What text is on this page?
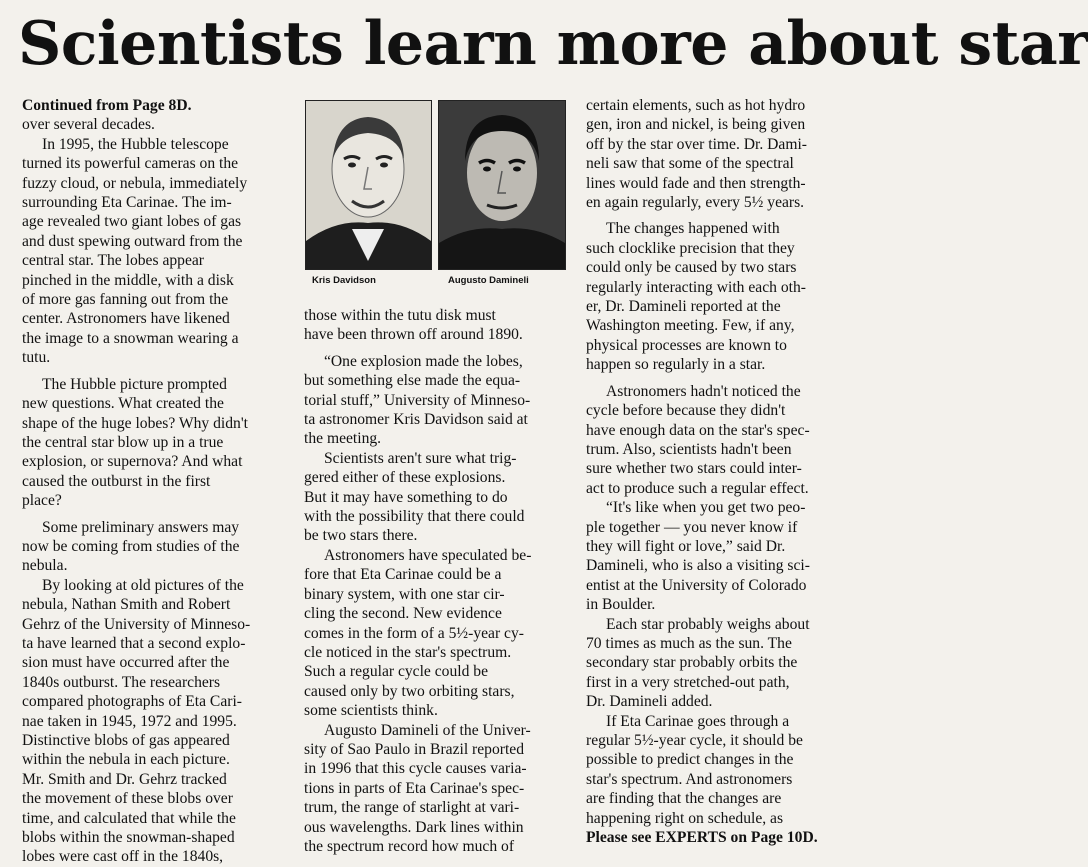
Scientists learn more about star
Kris Davidson	Augusto Damineli

Continued from Page 8D.

over several decades.

In 1995, the Hubble telescope
turned its powerful cameras on the
fuzzy cloud, or nebula, immediately
surrounding Eta Carinae. The im-
age revealed two giant lobes of gas
and dust spewing outward from the
central star. The lobes appear
pinched in the middle, with a disk
of more gas fanning out from the
center. Astronomers have likened
the image to a snowman wearing a
tutu.

The Hubble picture prompted
new questions. What created the
shape of the huge lobes? Why didn't
the central star blow up in a true
explosion, or supernova? And what
caused the outburst in the first
place?

Some preliminary answers may
now be coming from studies of the
nebula.

By looking at old pictures of the
nebula, Nathan Smith and Robert
Gehrz of the University of Minneso-
ta have learned that a second explo-
sion must have occurred after the
1840s outburst. The researchers
compared photographs of Eta Cari-
nae taken in 1945, 1972 and 1995.
Distinctive blobs of gas appeared
within the nebula in each picture.
Mr. Smith and Dr. Gehrz tracked
the movement of these blobs over
time, and calculated that while the
blobs within the snowman-shaped
lobes were cast off in the 1840s,

those within the tutu disk must
have been thrown off around 1890.

“One explosion made the lobes,
but something else made the equa-
torial stuff,” University of Minneso-
ta astronomer Kris Davidson said at
the meeting.

Scientists aren't sure what trig-
gered either of these explosions.
But it may have something to do
with the possibility that there could
be two stars there.

Astronomers have speculated be-
fore that Eta Carinae could be a
binary system, with one star cir-
cling the second. New evidence
comes in the form of a 5½-year cy-
cle noticed in the star's spectrum.
Such a regular cycle could be
caused only by two orbiting stars,
some scientists think.

Augusto Damineli of the Univer-
sity of Sao Paulo in Brazil reported
in 1996 that this cycle causes varia-
tions in parts of Eta Carinae's spec-
trum, the range of starlight at vari-
ous wavelengths. Dark lines within
the spectrum record how much of

certain elements, such as hot hydro
gen, iron and nickel, is being given
off by the star over time. Dr. Dami-
neli saw that some of the spectral
lines would fade and then strength-
en again regularly, every 5½ years.

The changes happened with
such clocklike precision that they
could only be caused by two stars
regularly interacting with each oth-
er, Dr. Damineli reported at the
Washington meeting. Few, if any,
physical processes are known to
happen so regularly in a star.

Astronomers hadn't noticed the
cycle before because they didn't
have enough data on the star's spec-
trum. Also, scientists hadn't been
sure whether two stars could inter-
act to produce such a regular effect.

“It's like when you get two peo-
ple together — you never know if
they will fight or love,” said Dr.
Damineli, who is also a visiting sci-
entist at the University of Colorado
in Boulder.

Each star probably weighs about
70 times as much as the sun. The
secondary star probably orbits the
first in a very stretched-out path,
Dr. Damineli added.

If Eta Carinae goes through a
regular 5½-year cycle, it should be
possible to predict changes in the
star's spectrum. And astronomers
are finding that the changes are
happening right on schedule, as

Please see EXPERTS on Page 10D.
